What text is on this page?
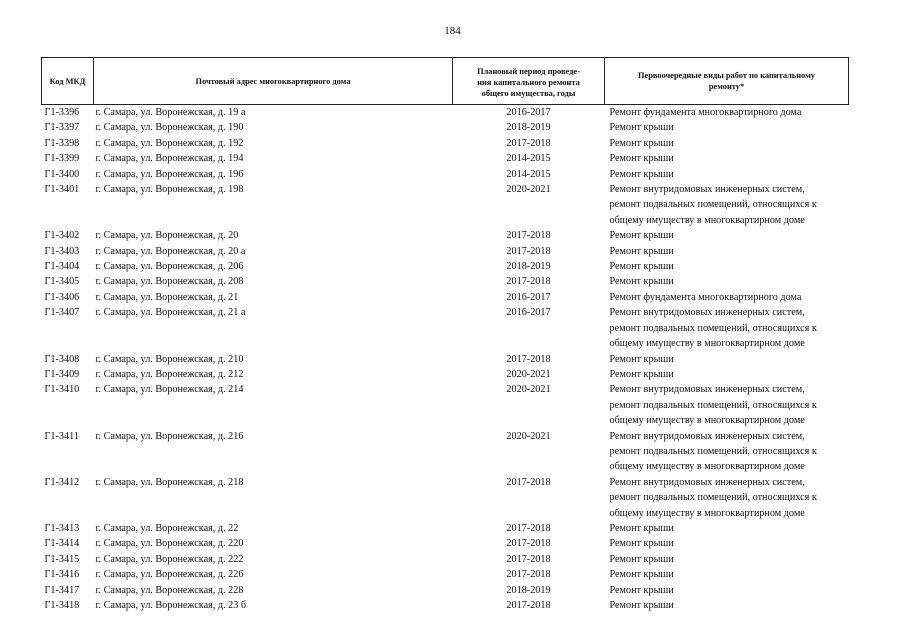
184
Код МКД	Почтовый адрес многоквартирного дома	Плановый период проведе-
ния капитального ремонта
общего имущества, годы	Первоочередные виды работ по капитальному
ремонту*

Г1-3396	г. Самара, ул. Воронежская, д. 19 а	2016-2017	Ремонт фундамента многоквартирного дома

Г1-3397	г. Самара, ул. Воронежская, д. 190	2018-2019	Ремонт крыши

Г1-3398	г. Самара, ул. Воронежская, д. 192	2017-2018	Ремонт крыши

Г1-3399	г. Самара, ул. Воронежская, д. 194	2014-2015	Ремонт крыши

Г1-3400	г. Самара, ул. Воронежская, д. 196	2014-2015	Ремонт крыши

Г1-3401	г. Самара, ул. Воронежская, д. 198	2020-2021	Ремонт внутридомовых инженерных систем,
ремонт подвальных помещений, относящихся к
общему имуществу в многоквартирном доме

Г1-3402	г. Самара, ул. Воронежская, д. 20	2017-2018	Ремонт крыши

Г1-3403	г. Самара, ул. Воронежская, д. 20 а	2017-2018	Ремонт крыши

Г1-3404	г. Самара, ул. Воронежская, д. 206	2018-2019	Ремонт крыши

Г1-3405	г. Самара, ул. Воронежская, д. 208	2017-2018	Ремонт крыши

Г1-3406	г. Самара, ул. Воронежская, д. 21	2016-2017	Ремонт фундамента многоквартирного дома

Г1-3407	г. Самара, ул. Воронежская, д. 21 а	2016-2017	Ремонт внутридомовых инженерных систем,
ремонт подвальных помещений, относящихся к
общему имуществу в многоквартирном доме

Г1-3408	г. Самара, ул. Воронежская, д. 210	2017-2018	Ремонт крыши

Г1-3409	г. Самара, ул. Воронежская, д. 212	2020-2021	Ремонт крыши

Г1-3410	г. Самара, ул. Воронежская, д. 214	2020-2021	Ремонт внутридомовых инженерных систем,
ремонт подвальных помещений, относящихся к
общему имуществу в многоквартирном доме

Г1-3411	г. Самара, ул. Воронежская, д. 216	2020-2021	Ремонт внутридомовых инженерных систем,
ремонт подвальных помещений, относящихся к
общему имуществу в многоквартирном доме

Г1-3412	г. Самара, ул. Воронежская, д. 218	2017-2018	Ремонт внутридомовых инженерных систем,
ремонт подвальных помещений, относящихся к
общему имуществу в многоквартирном доме

Г1-3413	г. Самара, ул. Воронежская, д. 22	2017-2018	Ремонт крыши

Г1-3414	г. Самара, ул. Воронежская, д. 220	2017-2018	Ремонт крыши

Г1-3415	г. Самара, ул. Воронежская, д. 222	2017-2018	Ремонт крыши

Г1-3416	г. Самара, ул. Воронежская, д. 226	2017-2018	Ремонт крыши

Г1-3417	г. Самара, ул. Воронежская, д. 228	2018-2019	Ремонт крыши

Г1-3418	г. Самара, ул. Воронежская, д. 23 б	2017-2018	Ремонт крыши
